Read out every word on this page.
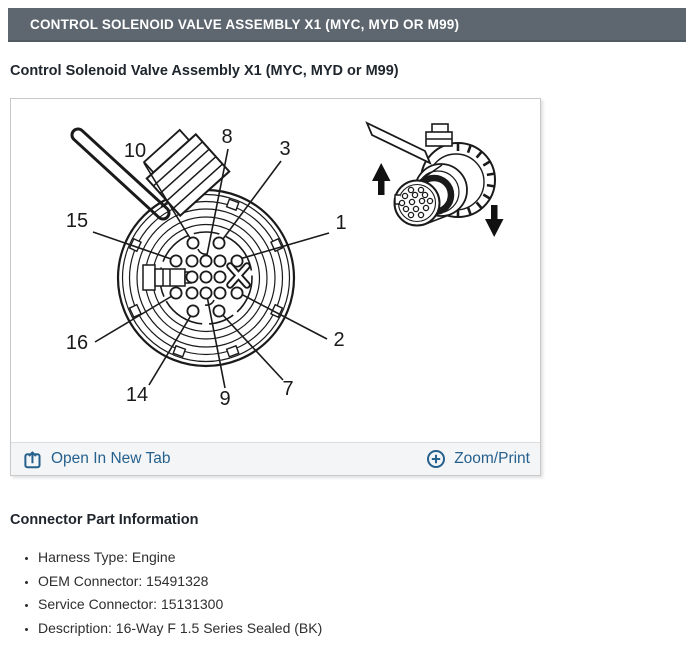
CONTROL SOLENOID VALVE ASSEMBLY X1 (MYC, MYD OR M99)
Control Solenoid Valve Assembly X1 (MYC, MYD or M99)
10
8
3
15	1
16	2
14	9	7
Open In New Tab	Zoom/Print
Connector Part Information
• Harness Type: Engine
• OEM Connector: 15491328
• Service Connector: 15131300
• Description: 16-Way F 1.5 Series Sealed (BK)
